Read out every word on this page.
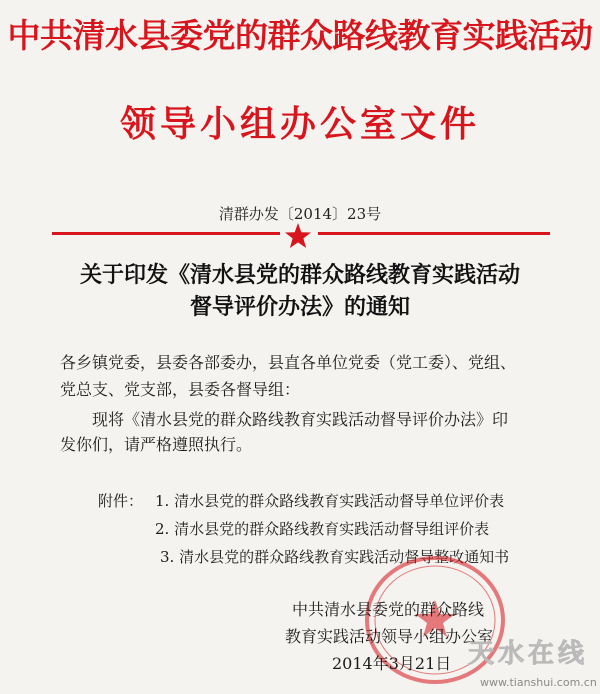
中共清水县委党的群众路线教育实践活动
领导小组办公室文件
清群办发〔2014〕23号
关于印发《清水县党的群众路线教育实践活动
督导评价办法》的通知
各乡镇党委，县委各部委办，县直各单位党委（党工委）、党组、
党总支、党支部，县委各督导组：
现将《清水县党的群众路线教育实践活动督导评价办法》印
发你们，请严格遵照执行。
附件： 1. 清水县党的群众路线教育实践活动督导单位评价表
2. 清水县党的群众路线教育实践活动督导组评价表
3. 清水县党的群众路线教育实践活动督导整改通知书
中共清水县委党的群众路线
教育实践活动领导小组办公室
2014年3月21日 天水在线
www.tianshui.com.cn
